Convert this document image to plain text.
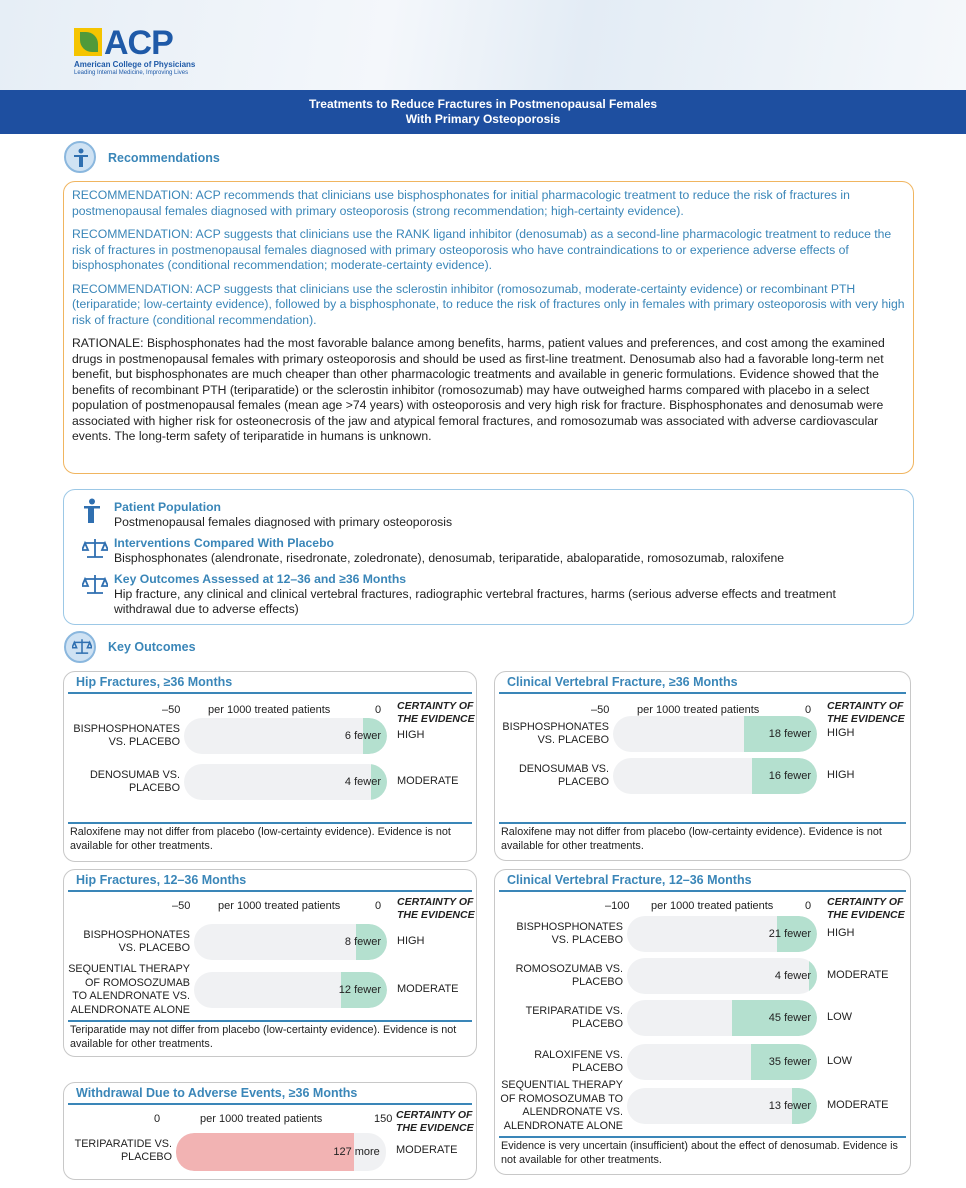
ACP
American College of Physicians
Leading Internal Medicine, Improving Lives
Treatments to Reduce Fractures in Postmenopausal Females
With Primary Osteoporosis
Recommendations

RECOMMENDATION: ACP recommends that clinicians use bisphosphonates for initial pharmacologic treatment to reduce the risk of fractures in postmenopausal females diagnosed with primary osteoporosis (strong recommendation; high-certainty evidence).

RECOMMENDATION: ACP suggests that clinicians use the RANK ligand inhibitor (denosumab) as a second-line pharmacologic treatment to reduce the risk of fractures in postmenopausal females diagnosed with primary osteoporosis who have contraindications to or experience adverse effects of bisphosphonates (conditional recommendation; moderate-certainty evidence).

RECOMMENDATION: ACP suggests that clinicians use the sclerostin inhibitor (romosozumab, moderate-certainty evidence) or recombinant PTH (teriparatide; low-certainty evidence), followed by a bisphosphonate, to reduce the risk of fractures only in females with primary osteoporosis with very high risk of fracture (conditional recommendation).

RATIONALE: Bisphosphonates had the most favorable balance among benefits, harms, patient values and preferences, and cost among the examined drugs in postmenopausal females with primary osteoporosis and should be used as first-line treatment. Denosumab also had a favorable long-term net benefit, but bisphosphonates are much cheaper than other pharmacologic treatments and available in generic formulations. Evidence showed that the benefits of recombinant PTH (teriparatide) or the sclerostin inhibitor (romosozumab) may have outweighed harms compared with placebo in a select population of postmenopausal females (mean age >74 years) with osteoporosis and very high risk for fracture. Bisphosphonates and denosumab were associated with higher risk for osteonecrosis of the jaw and atypical femoral fractures, and romosozumab was associated with adverse cardiovascular events. The long-term safety of teriparatide in humans is unknown.

Patient Population
Postmenopausal females diagnosed with primary osteoporosis
Interventions Compared With Placebo
Bisphosphonates (alendronate, risedronate, zoledronate), denosumab, teriparatide, abaloparatide, romosozumab, raloxifene
Key Outcomes Assessed at 12–36 and ≥36 Months
Hip fracture, any clinical and clinical vertebral fractures, radiographic vertebral fractures, harms (serious adverse effects and treatment withdrawal due to adverse effects)
Key Outcomes
Hip Fractures, ≥36 Months
–50	per 1000 treated patients	0 CERTAINTY OF
THE EVIDENCE
BISPHOSPHONATES VS. PLACEBO	6 fewer HIGH
DENOSUMAB VS. PLACEBO	4 fewer MODERATE
Raloxifene may not differ from placebo (low-certainty evidence). Evidence is not available for other treatments.
Clinical Vertebral Fracture, ≥36 Months
–50	per 1000 treated patients	0 CERTAINTY OF
THE EVIDENCE
BISPHOSPHONATES VS. PLACEBO	18 fewer HIGH
DENOSUMAB VS. PLACEBO	16 fewer HIGH
Raloxifene may not differ from placebo (low-certainty evidence). Evidence is not available for other treatments.
Hip Fractures, 12–36 Months
–50	per 1000 treated patients	0 CERTAINTY OF
THE EVIDENCE
BISPHOSPHONATES VS. PLACEBO	8 fewer HIGH
SEQUENTIAL THERAPY OF ROMOSOZUMAB TO ALENDRONATE VS. ALENDRONATE ALONE
12 fewer MODERATE
Teriparatide may not differ from placebo (low-certainty evidence). Evidence is not available for other treatments.
Clinical Vertebral Fracture, 12–36 Months
–100 per 1000 treated patients	0 CERTAINTY OF
THE EVIDENCE
BISPHOSPHONATES VS. PLACEBO	21 fewer HIGH
ROMOSOZUMAB VS. PLACEBO	4 fewer MODERATE
TERIPARATIDE VS. PLACEBO	45 fewer LOW
RALOXIFENE VS. PLACEBO	35 fewer LOW
SEQUENTIAL THERAPY OF ROMOSOZUMAB TO ALENDRONATE VS. ALENDRONATE ALONE
13 fewer MODERATE
Evidence is very uncertain (insufficient) about the effect of denosumab. Evidence is not available for other treatments.
Withdrawal Due to Adverse Events, ≥36 Months
0	per 1000 treated patients	150 CERTAINTY OF
THE EVIDENCE
TERIPARATIDE VS. PLACEBO	127 more MODERATE
